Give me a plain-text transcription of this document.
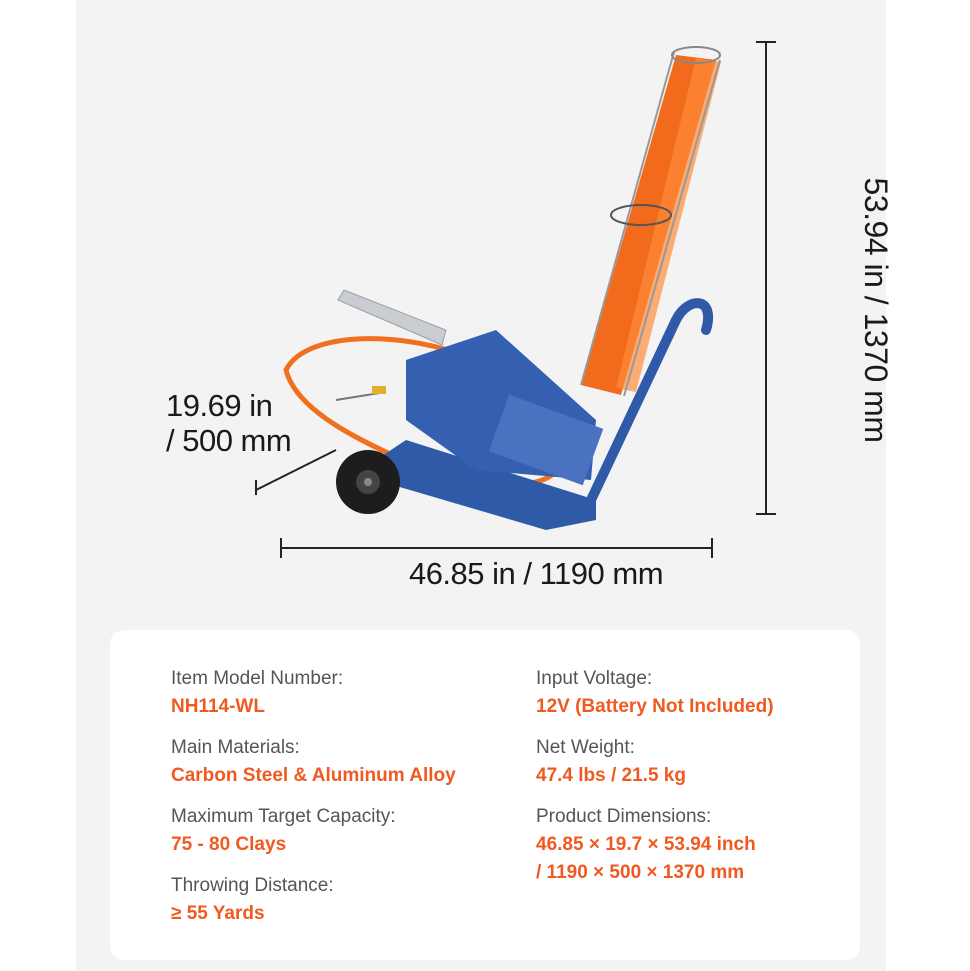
53.94 in / 1370 mm
19.69 in
/ 500 mm
46.85 in / 1190 mm
Item Model Number:
NH114-WL
Main Materials:
Carbon Steel & Aluminum Alloy
Maximum Target Capacity:
75 - 80 Clays
Throwing Distance:
≥ 55 Yards
Input Voltage:
12V (Battery Not Included)
Net Weight:
47.4 lbs / 21.5 kg
Product Dimensions:
46.85 × 19.7 × 53.94 inch
/ 1190 × 500 × 1370 mm
